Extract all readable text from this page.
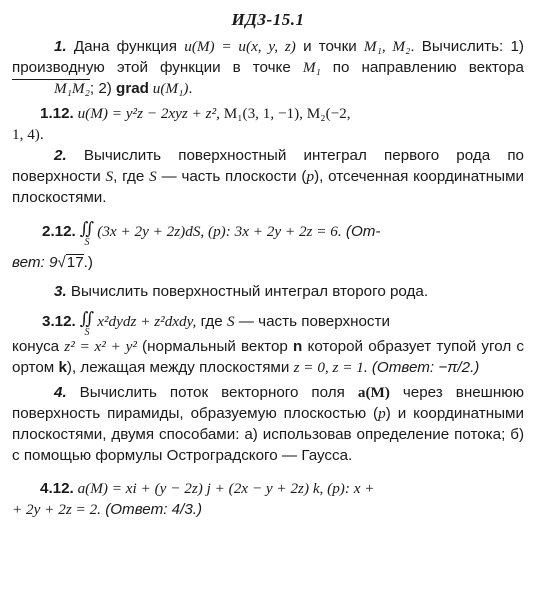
ИДЗ-15.1

1. Дана функция u(M) = u(x, y, z) и точки M₁, M₂. Вычислить: 1) производную этой функции в точке M₁ по направлению вектора M₁M₂; 2) grad u(M₁).

1.12. u(M) = y²z − 2xyz + z², M₁(3, 1, −1), M₂(−2,

1, 4).

2. Вычислить поверхностный интеграл первого рода по поверхности S, где S — часть плоскости (p), отсеченная координатными плоскостями.

2.12. ∬
S
(3x + 2y + 2z)dS, (p): 3x + 2y + 2z = 6. (От-

вет: 9√17.)

3. Вычислить поверхностный интеграл второго рода.

3.12. ∬
S
x²dydz + z²dxdy, где S — часть поверхности

конуса z² = x² + y² (нормальный вектор n которой образует тупой угол с ортом k), лежащая между плоскостями z = 0, z = 1. (Ответ: −π/2.)

4. Вычислить поток векторного поля a(M) через внешнюю поверхность пирамиды, образуемую плоскостью (p) и координатными плоскостями, двумя способами: а) использовав определение потока; б) с помощью формулы Остроградского — Гаусса.

4.12. a(M) = xi + (y − 2z) j + (2x − y + 2z) k, (p): x +

+ 2y + 2z = 2. (Ответ: 4/3.)
